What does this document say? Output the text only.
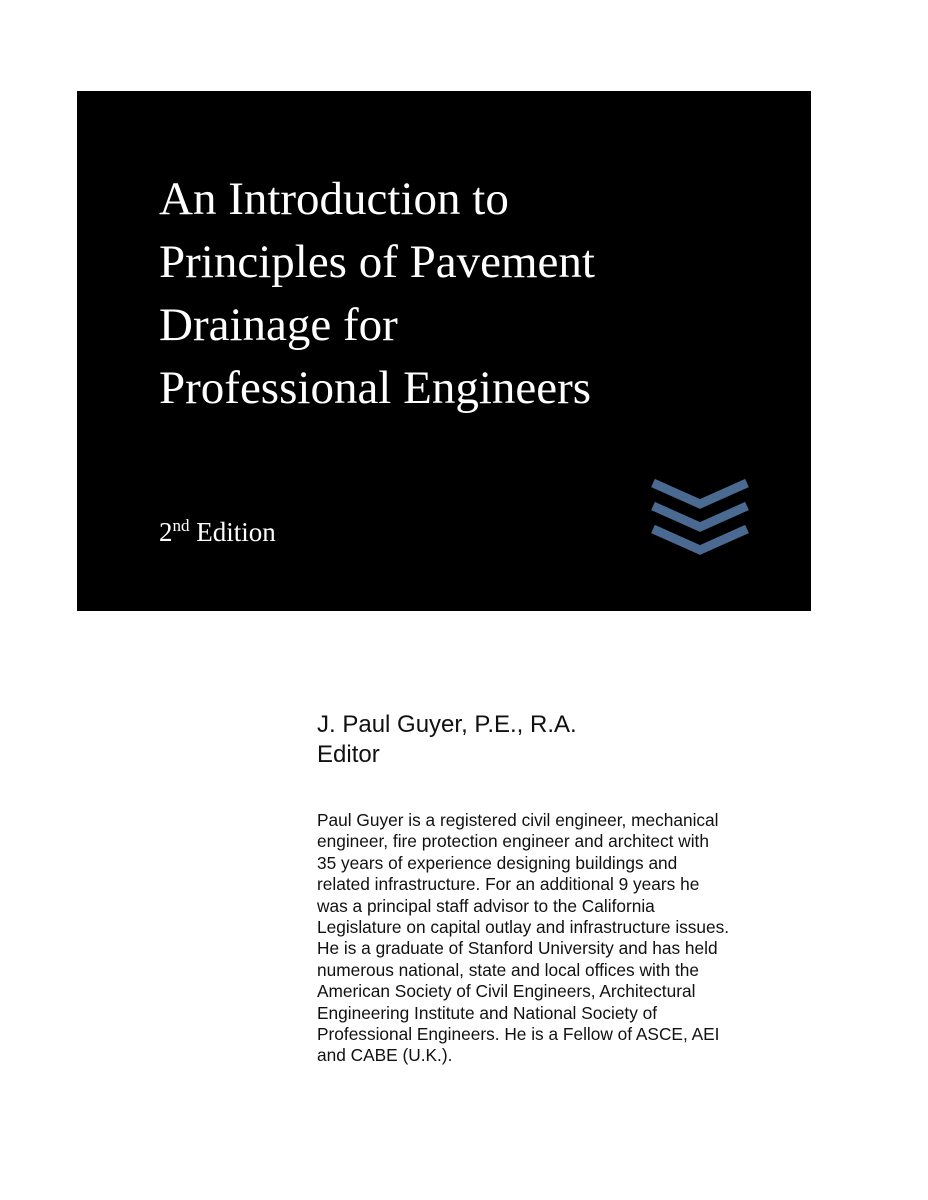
An Introduction to
Principles of Pavement
Drainage for
Professional Engineers
2nd Edition
J. Paul Guyer, P.E., R.A.
Editor
Paul Guyer is a registered civil engineer, mechanical
engineer, fire protection engineer and architect with
35 years of experience designing buildings and
related infrastructure. For an additional 9 years he
was a principal staff advisor to the California
Legislature on capital outlay and infrastructure issues.
He is a graduate of Stanford University and has held
numerous national, state and local offices with the
American Society of Civil Engineers, Architectural
Engineering Institute and National Society of
Professional Engineers. He is a Fellow of ASCE, AEI
and CABE (U.K.).
